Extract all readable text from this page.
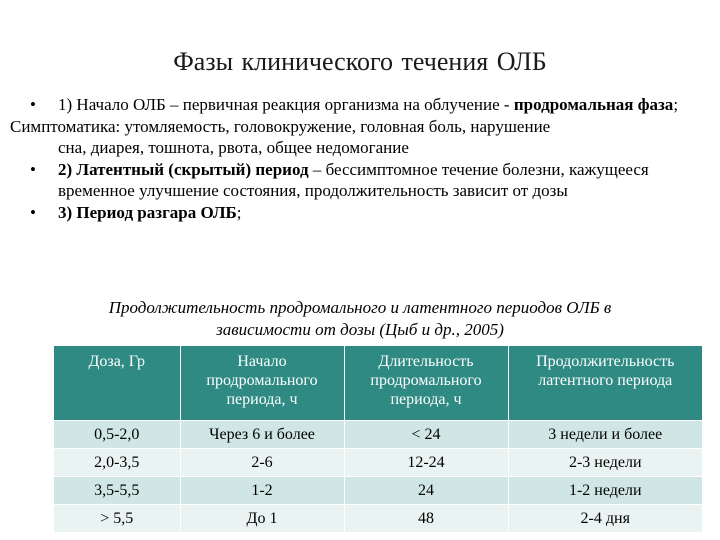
Фазы клинического течения ОЛБ
• 1) Начало ОЛБ – первичная реакция организма на облучение - продромальная фаза;
Симптоматика: утомляемость, головокружение, головная боль, нарушение
сна, диарея, тошнота, рвота, общее недомогание
• 2) Латентный (скрытый) период – бессимптомное течение болезни, кажущееся временное улучшение состояния, продолжительность зависит от дозы
• 3) Период разгара ОЛБ;
Продолжительность продромального и латентного периодов ОЛБ в
зависимости от дозы (Цыб и др., 2005)
Доза, Гр	Начало продромального периода, ч	Длительность продромального периода, ч	Продолжительность латентного периода
0,5-2,0	Через 6 и более	< 24	3 недели и более
2,0-3,5	2-6	12-24	2-3 недели
3,5-5,5	1-2	24	1-2 недели
> 5,5	До 1	48	2-4 дня
